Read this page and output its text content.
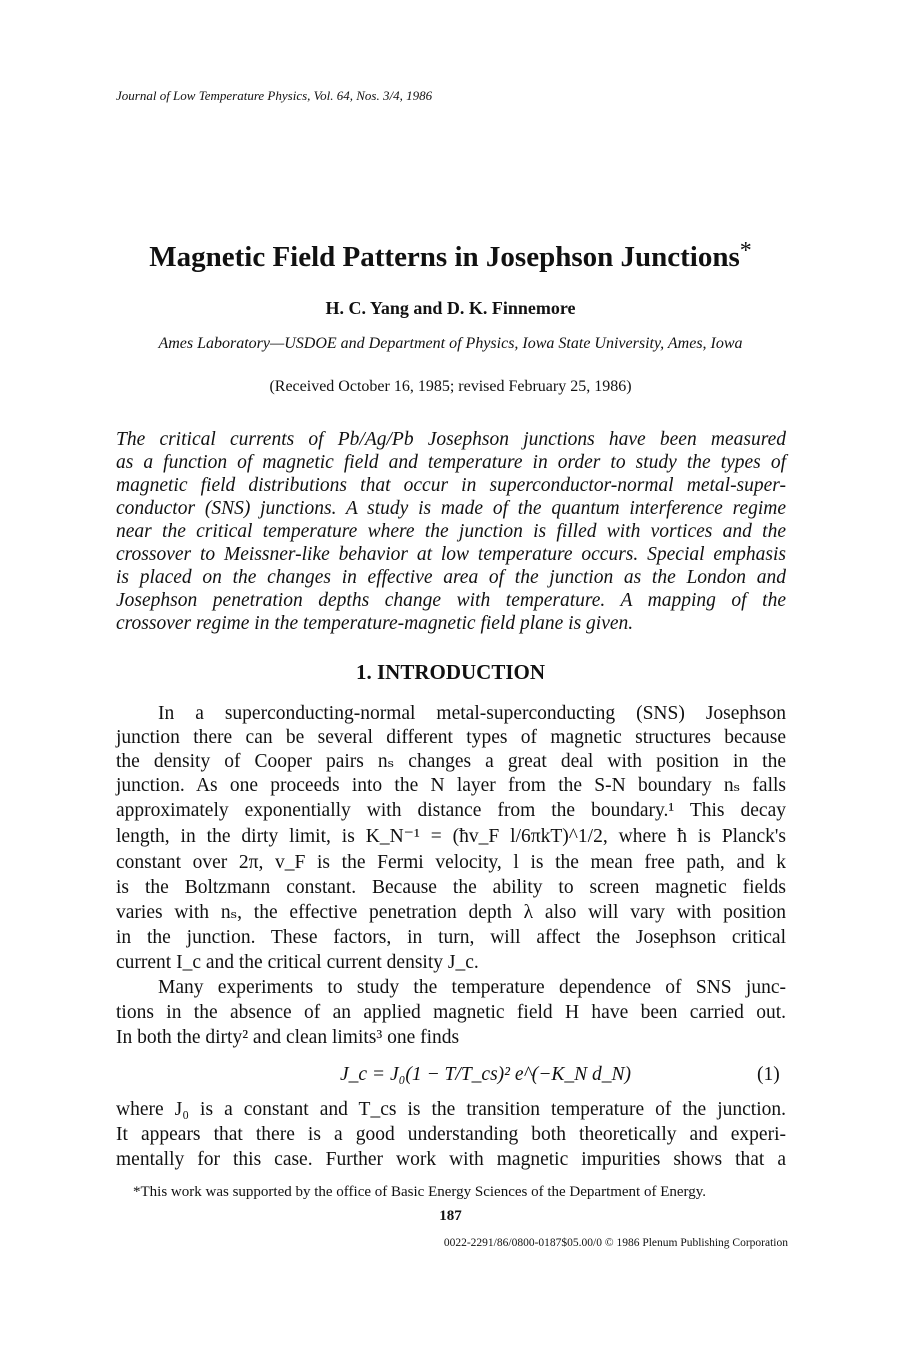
Journal of Low Temperature Physics, Vol. 64, Nos. 3/4, 1986
Magnetic Field Patterns in Josephson Junctions*
H. C. Yang and D. K. Finnemore
Ames Laboratory—USDOE and Department of Physics, Iowa State University, Ames, Iowa
(Received October 16, 1985; revised February 25, 1986)
The critical currents of Pb/Ag/Pb Josephson junctions have been measured
as a function of magnetic field and temperature in order to study the types of
magnetic field distributions that occur in superconductor-normal metal-super-
conductor (SNS) junctions. A study is made of the quantum interference regime
near the critical temperature where the junction is filled with vortices and the
crossover to Meissner-like behavior at low temperature occurs. Special emphasis
is placed on the changes in effective area of the junction as the London and
Josephson penetration depths change with temperature. A mapping of the
crossover regime in the temperature-magnetic field plane is given.
1. INTRODUCTION
In a superconducting-normal metal-superconducting (SNS) Josephson
junction there can be several different types of magnetic structures because
the density of Cooper pairs nₛ changes a great deal with position in the
junction. As one proceeds into the N layer from the S-N boundary nₛ falls
approximately exponentially with distance from the boundary.¹ This decay
length, in the dirty limit, is K_N⁻¹ = (ħv_F l/6πkT)^1/2, where ħ is Planck's
constant over 2π, v_F is the Fermi velocity, l is the mean free path, and k
is the Boltzmann constant. Because the ability to screen magnetic fields
varies with nₛ, the effective penetration depth λ also will vary with position
in the junction. These factors, in turn, will affect the Josephson critical
current I_c and the critical current density J_c.
Many experiments to study the temperature dependence of SNS junc-
tions in the absence of an applied magnetic field H have been carried out.
In both the dirty² and clean limits³ one finds
J_c = J₀(1 − T/T_cs)² e^(−K_N d_N)	(1)
where J₀ is a constant and T_cs is the transition temperature of the junction.
It appears that there is a good understanding both theoretically and experi-
mentally for this case. Further work with magnetic impurities shows that a
*This work was supported by the office of Basic Energy Sciences of the Department of Energy.
187
0022-2291/86/0800-0187$05.00/0 © 1986 Plenum Publishing Corporation
